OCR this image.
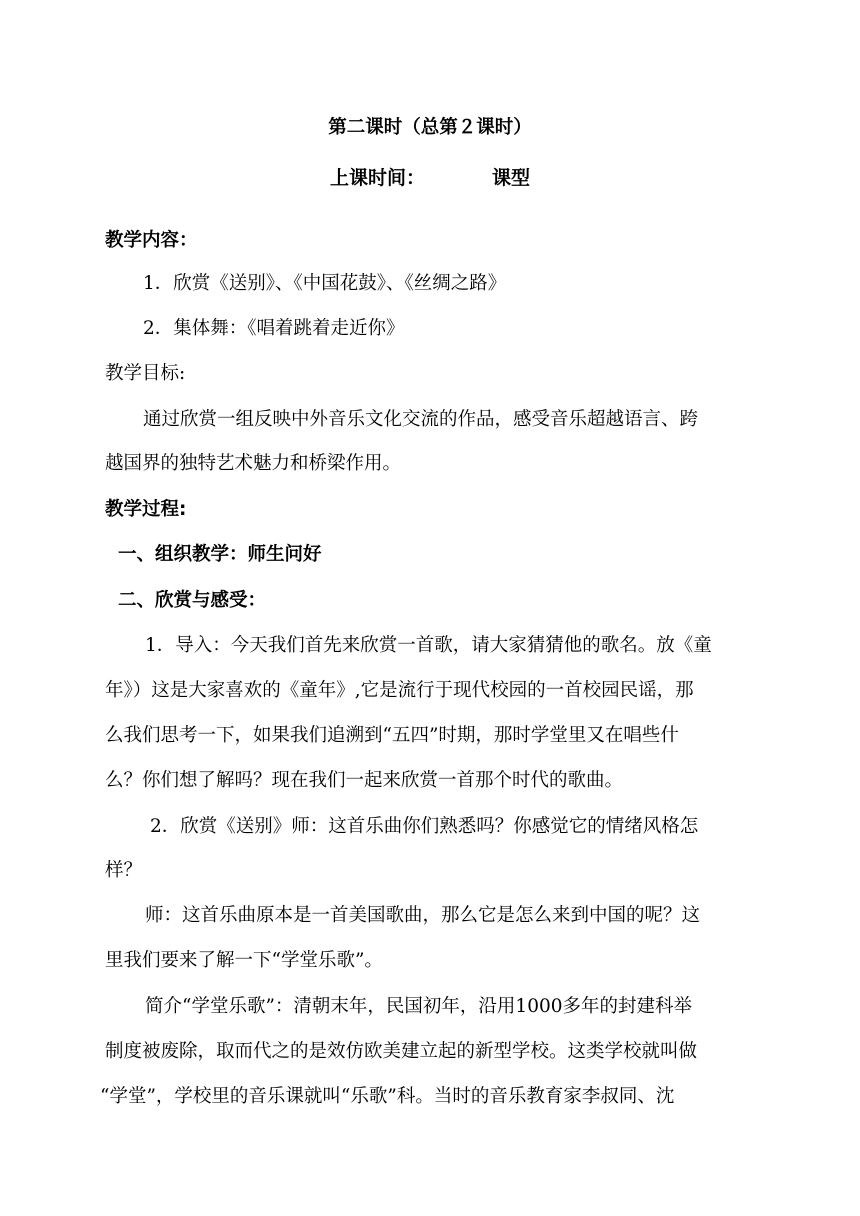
第二课时（总第２课时）
上课时间：	课型
教学内容：
1．欣赏《送别》、《中国花鼓》、《丝绸之路》
2．集体舞：《唱着跳着走近你》
教学目标:
通过欣赏一组反映中外音乐文化交流的作品，感受音乐超越语言、跨
越国界的独特艺术魅力和桥梁作用。
教学过程:
一、组织教学：师生问好
二、欣赏与感受：
1．导入：今天我们首先来欣赏一首歌，请大家猜猜他的歌名。放《童
年》）这是大家喜欢的《童年》,它是流行于现代校园的一首校园民谣，那
么我们思考一下，如果我们追溯到“五四”时期，那时学堂里又在唱些什
么？你们想了解吗？现在我们一起来欣赏一首那个时代的歌曲。
2．欣赏《送别》师：这首乐曲你们熟悉吗？你感觉它的情绪风格怎
样？
师：这首乐曲原本是一首美国歌曲，那么它是怎么来到中国的呢？这
里我们要来了解一下“学堂乐歌”。
简介“学堂乐歌”：清朝末年，民国初年，沿用1000多年的封建科举
制度被废除，取而代之的是效仿欧美建立起的新型学校。这类学校就叫做
“学堂”，学校里的音乐课就叫“乐歌”科。当时的音乐教育家李叔同、沈
